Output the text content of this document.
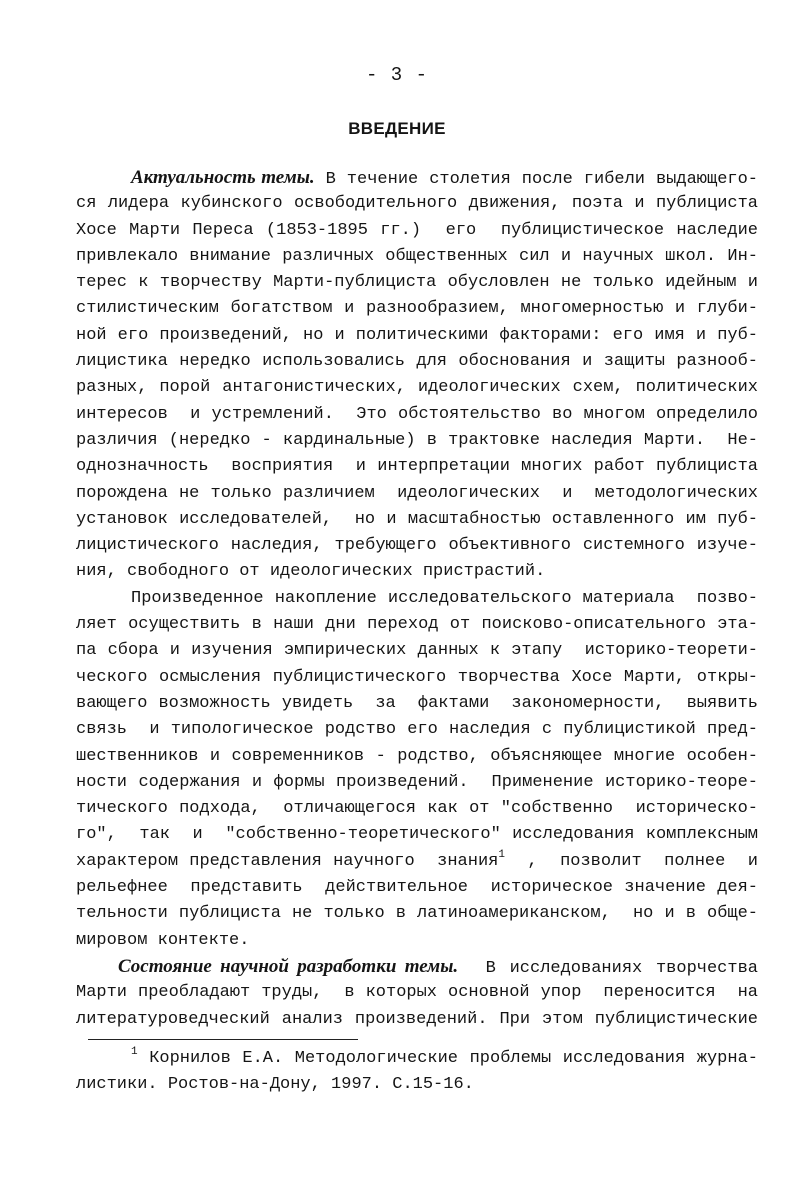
- 3 -
ВВЕДЕНИЕ
Актуальность темы. В течение столетия после гибели выдающего-
ся лидера кубинского освободительного движения, поэта и публициста
Хосе Марти Переса (1853-1895 гг.)  его  публицистическое наследие
привлекало внимание различных общественных сил и научных школ. Ин-
терес к творчеству Марти-публициста обусловлен не только идейным и
стилистическим богатством и разнообразием, многомерностью и глуби-
ной его произведений, но и политическими факторами: его имя и пуб-
лицистика нередко использовались для обоснования и защиты разнооб-
разных, порой антагонистических, идеологических схем, политических
интересов  и устремлений.  Это обстоятельство во многом определило
различия (нередко - кардинальные) в трактовке наследия Марти.  Не-
однозначность  восприятия  и интерпретации многих работ публициста
порождена не только различием  идеологических  и  методологических
установок исследователей,  но и масштабностью оставленного им пуб-
лицистического наследия, требующего объективного системного изуче-
ния, свободного от идеологических пристрастий.
Произведенное накопление исследовательского материала  позво-
ляет осуществить в наши дни переход от поисково-описательного эта-
па сбора и изучения эмпирических данных к этапу  историко-теорети-
ческого осмысления публицистического творчества Хосе Марти, откры-
вающего возможность увидеть  за  фактами  закономерности,  выявить
связь  и типологическое родство его наследия с публицистикой пред-
шественников и современников - родство, объясняющее многие особен-
ности содержания и формы произведений.  Применение историко-теоре-
тического подхода,  отличающегося как от "собственно  историческо-
го",  так  и  "собственно-теоретического" исследования комплексным
характером представления научного  знания$^1$  ,  позволит  полнее  и
рельефнее  представить  действительное  историческое значение дея-
тельности публициста не только в латиноамериканском,  но и в обще-
мировом контекте.
Состояние научной разработки темы.  В исследованиях творчества
Марти преобладают труды,  в которых основной упор  переносится  на
литературоведческий анализ произведений. При этом публицистические
$^1$ Корнилов Е.А. Методологические проблемы исследования журна-
листики. Ростов-на-Дону, 1997. С.15-16.
